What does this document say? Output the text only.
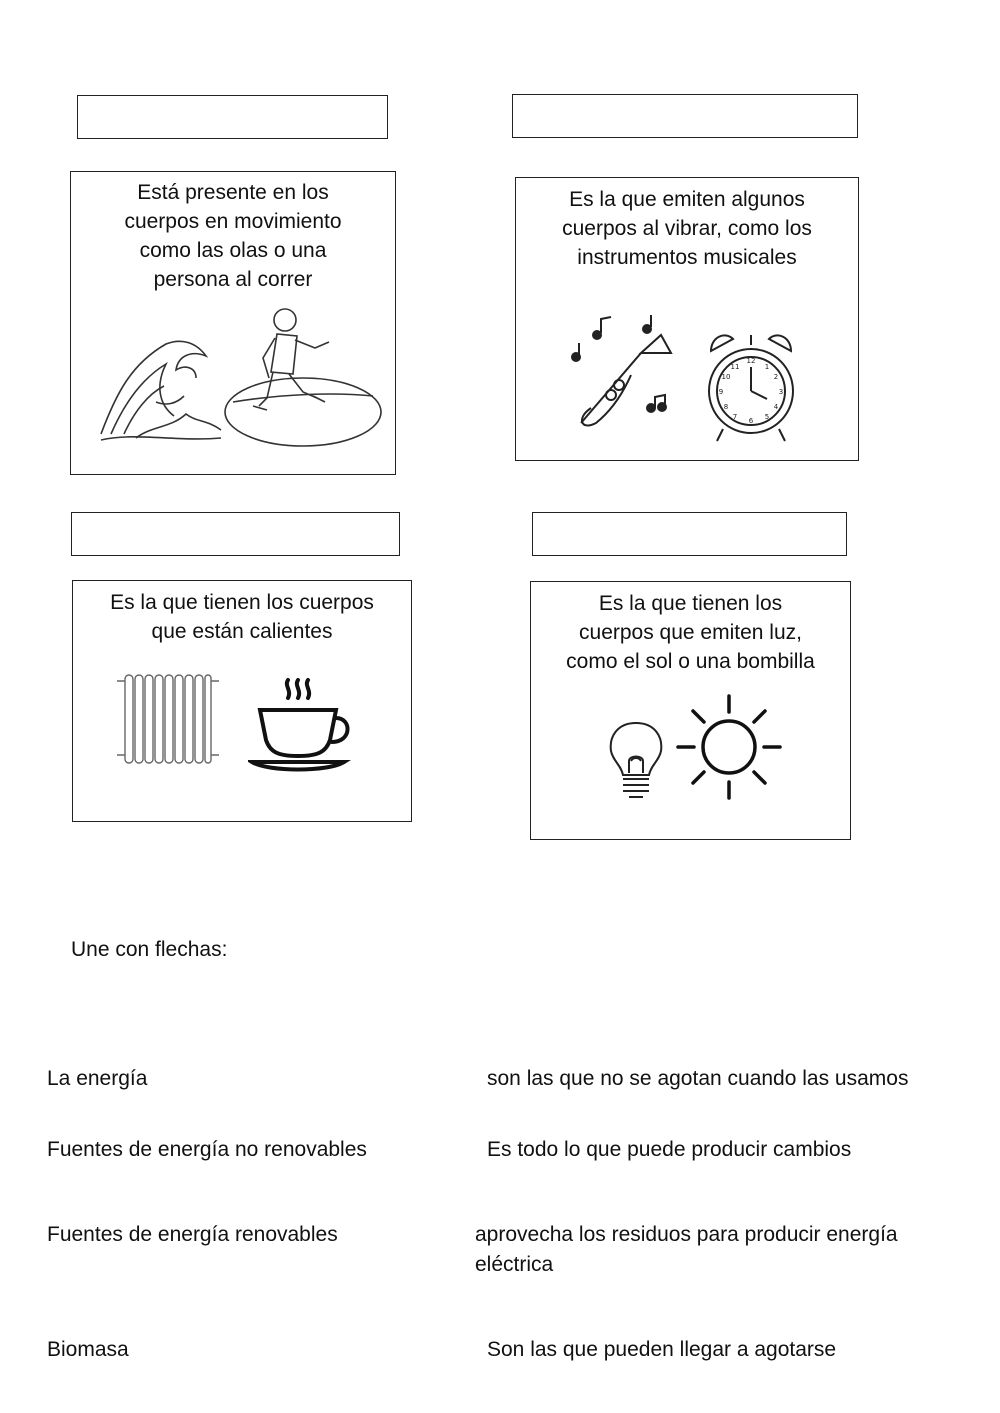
Está presente en los
cuerpos en movimiento
como las olas o una
persona al correr
Es la que emiten algunos
cuerpos al vibrar, como los
instrumentos musicales
12
3
6
9
1
2
4
5
7
8
10
11
Es la que tienen los cuerpos
que están calientes
Es la que tienen los
cuerpos que emiten luz,
como el sol o una bombilla
Une con flechas:
La energía
Fuentes de energía no renovables
Fuentes de energía renovables
Biomasa
son las que no se agotan cuando las usamos
Es todo lo que puede producir cambios
aprovecha los residuos para producir energía eléctrica
Son las que pueden llegar a agotarse
